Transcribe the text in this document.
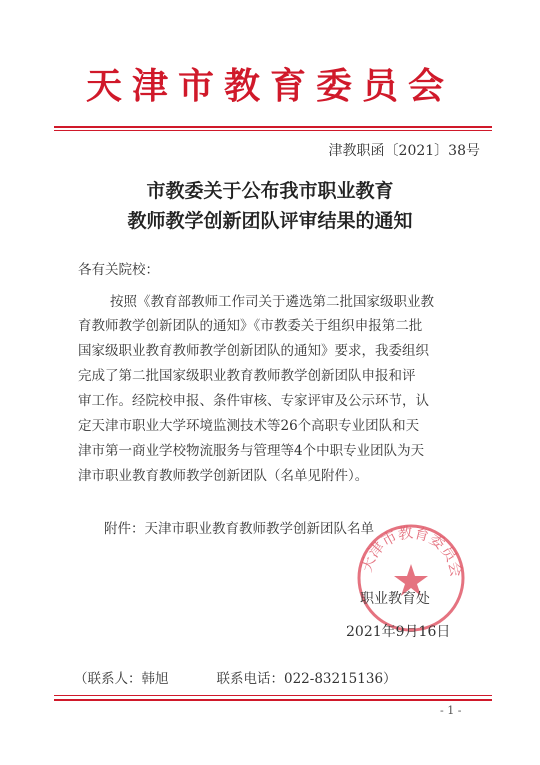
天津市教育委员会
津教职函〔2021〕38号
市教委关于公布我市职业教育
教师教学创新团队评审结果的通知
各有关院校：
按照《教育部教师工作司关于遴选第二批国家级职业教
育教师教学创新团队的通知》《市教委关于组织申报第二批
国家级职业教育教师教学创新团队的通知》要求，我委组织
完成了第二批国家级职业教育教师教学创新团队申报和评
审工作。经院校申报、条件审核、专家评审及公示环节，认
定天津市职业大学环境监测技术等26个高职专业团队和天
津市第一商业学校物流服务与管理等4个中职专业团队为天
津市职业教育教师教学创新团队（名单见附件）。
附件：天津市职业教育教师教学创新团队名单
天津市教育委员会
职业教育处
2021年9月16日
（联系人：韩旭	联系电话：022-83215136）
- 1 -
